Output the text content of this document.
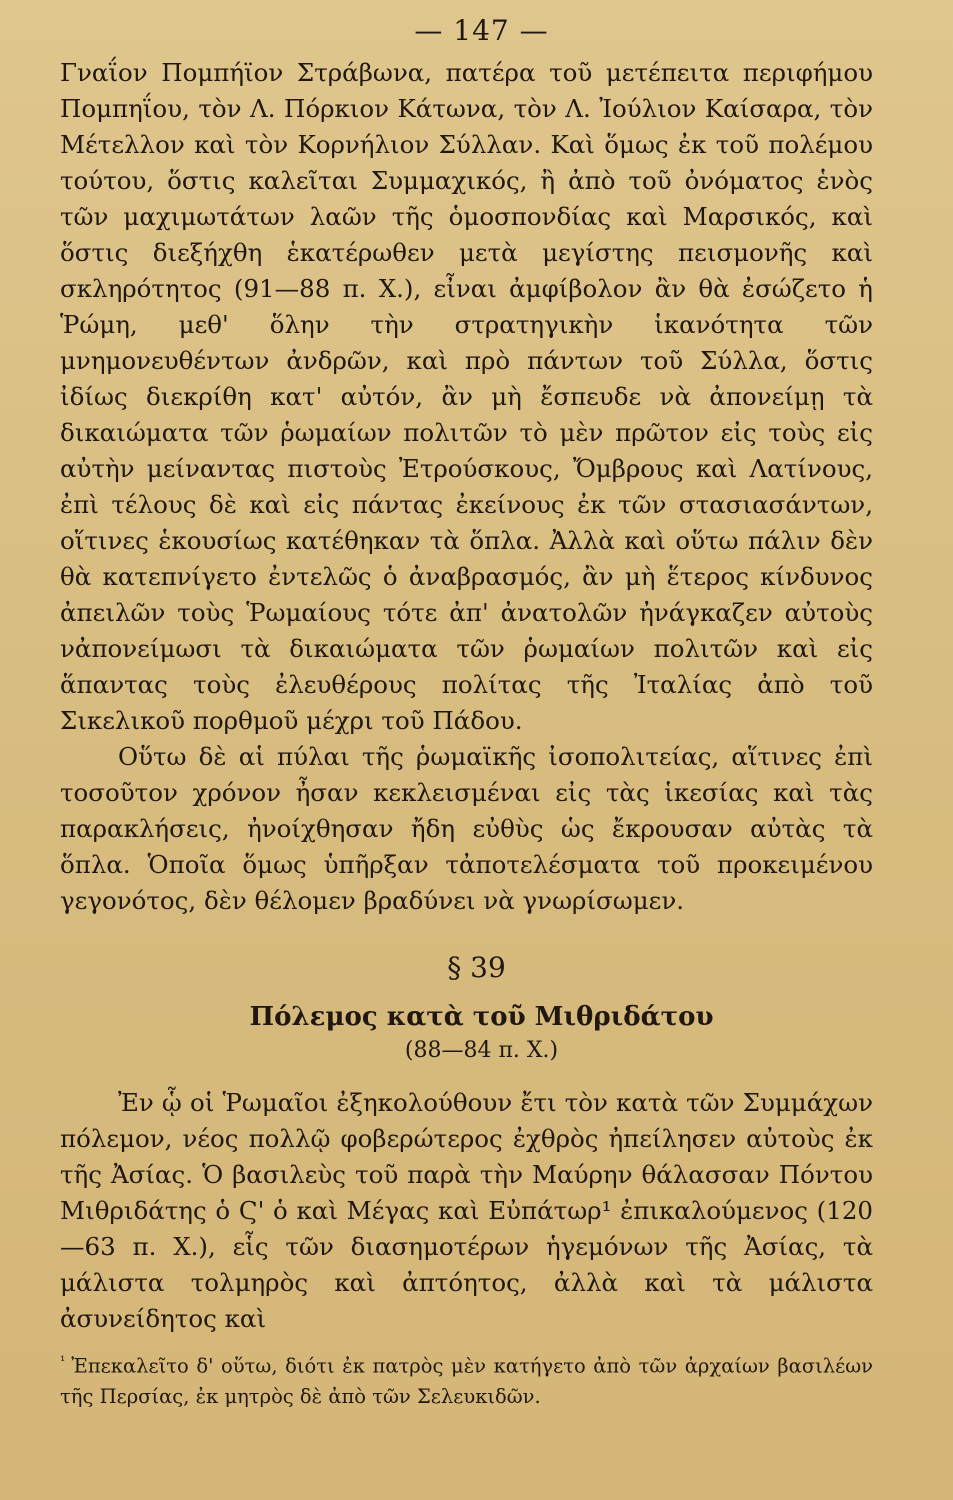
— 147 —

Γναΐον Πομπήϊον Στράβωνα, πατέρα τοῦ μετέπειτα περιφήμου Πομπηΐου, τὸν Λ. Πόρκιον Κάτωνα, τὸν Λ. Ἰούλιον Καίσαρα, τὸν Μέτελλον καὶ τὸν Κορνήλιον Σύλλαν. Καὶ ὅμως ἐκ τοῦ πολέμου τούτου, ὅστις καλεῖται Συμμαχικός, ἢ ἀπὸ τοῦ ὀνόματος ἑνὸς τῶν μαχιμωτάτων λαῶν τῆς ὁμοσπονδίας καὶ Μαρσικός, καὶ ὅστις διεξήχθη ἑκατέρωθεν μετὰ μεγίστης πεισμονῆς καὶ σκληρότητος (91—88 π. Χ.), εἶναι ἀμφίβολον ἂν θὰ ἐσώζετο ἡ Ῥώμη, μεθ' ὅλην τὴν στρατηγικὴν ἱκανότητα τῶν μνημονευθέντων ἀνδρῶν, καὶ πρὸ πάντων τοῦ Σύλλα, ὅστις ἰδίως διεκρίθη κατ' αὐτόν, ἂν μὴ ἔσπευδε νὰ ἀπονείμῃ τὰ δικαιώματα τῶν ῥωμαίων πολιτῶν τὸ μὲν πρῶτον εἰς τοὺς εἰς αὐτὴν μείναντας πιστοὺς Ἐτρούσκους, Ὄμβρους καὶ Λατίνους, ἐπὶ τέλους δὲ καὶ εἰς πάντας ἐκείνους ἐκ τῶν στασιασάντων, οἵτινες ἑκουσίως κατέθηκαν τὰ ὅπλα. Ἀλλὰ καὶ οὕτω πάλιν δὲν θὰ κατεπνίγετο ἐντελῶς ὁ ἀναβρασμός, ἂν μὴ ἕτερος κίνδυνος ἀπειλῶν τοὺς Ῥωμαίους τότε ἀπ' ἀνατολῶν ἠνάγκαζεν αὐτοὺς νἀπονείμωσι τὰ δικαιώματα τῶν ῥωμαίων πολιτῶν καὶ εἰς ἅπαντας τοὺς ἐλευθέρους πολίτας τῆς Ἰταλίας ἀπὸ τοῦ Σικελικοῦ πορθμοῦ μέχρι τοῦ Πάδου.

Οὕτω δὲ αἱ πύλαι τῆς ῥωμαϊκῆς ἰσοπολιτείας, αἵτινες ἐπὶ τοσοῦτον χρόνον ἦσαν κεκλεισμέναι εἰς τὰς ἱκεσίας καὶ τὰς παρακλήσεις, ἠνοίχθησαν ἤδη εὐθὺς ὡς ἔκρουσαν αὐτὰς τὰ ὅπλα. Ὁποῖα ὅμως ὑπῆρξαν τἀποτελέσματα τοῦ προκειμένου γεγονότος, δὲν θέλομεν βραδύνει νὰ γνωρίσωμεν.

§ 39
Πόλεμος κατὰ τοῦ Μιθριδάτου
(88—84 π. Χ.)

Ἐν ᾧ οἱ Ῥωμαῖοι ἐξηκολούθουν ἔτι τὸν κατὰ τῶν Συμμάχων πόλεμον, νέος πολλῷ φοβερώτερος ἐχθρὸς ἠπείλησεν αὐτοὺς ἐκ τῆς Ἀσίας. Ὁ βασιλεὺς τοῦ παρὰ τὴν Μαύρην θάλασσαν Πόντου Μιθριδάτης ὁ Ϛ' ὁ καὶ Μέγας καὶ Εὐπάτωρ¹ ἐπικαλούμενος (120—63 π. Χ.), εἷς τῶν διασημοτέρων ἡγεμόνων τῆς Ἀσίας, τὰ μάλιστα τολμηρὸς καὶ ἀπτόητος, ἀλλὰ καὶ τὰ μάλιστα ἀσυνείδητος καὶ

$^{^1}$ Ἐπεκαλεῖτο δ' οὕτω, διότι ἐκ πατρὸς μὲν κατήγετο ἀπὸ τῶν ἀρχαίων βασιλέων τῆς Περσίας, ἐκ μητρὸς δὲ ἀπὸ τῶν Σελευκιδῶν.
